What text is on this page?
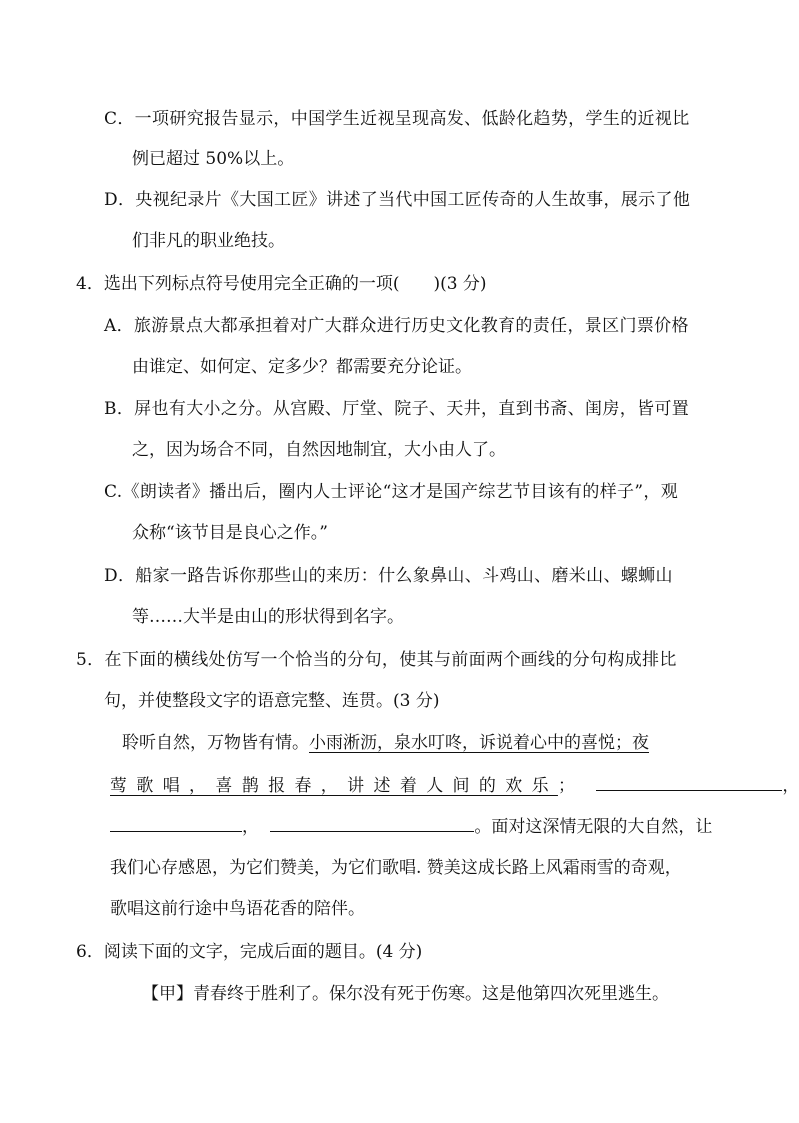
C．一项研究报告显示，中国学生近视呈现高发、低龄化趋势，学生的近视比
例已超过 50%以上。
D．央视纪录片《大国工匠》讲述了当代中国工匠传奇的人生故事，展示了他
们非凡的职业绝技。
4．选出下列标点符号使用完全正确的一项(　　)(3 分)
A．旅游景点大都承担着对广大群众进行历史文化教育的责任，景区门票价格
由谁定、如何定、定多少？都需要充分论证。
B．屏也有大小之分。从宫殿、厅堂、院子、天井，直到书斋、闺房，皆可置
之，因为场合不同，自然因地制宜，大小由人了。
C.《朗读者》播出后，圈内人士评论“这才是国产综艺节目该有的样子”，观
众称“该节目是良心之作。”
D．船家一路告诉你那些山的来历：什么象鼻山、斗鸡山、磨米山、螺蛳山
等……大半是由山的形状得到名字。
5．在下面的横线处仿写一个恰当的分句，使其与前面两个画线的分句构成排比
句，并使整段文字的语意完整、连贯。(3 分)
聆听自然，万物皆有情。小雨淅沥，泉水叮咚，诉说着心中的喜悦；夜
莺歌唱，喜鹊报春，讲述着人间的欢乐；	，
，	。面对这深情无限的大自然，让
我们心存感恩，为它们赞美，为它们歌唱. 赞美这成长路上风霜雨雪的奇观，
歌唱这前行途中鸟语花香的陪伴。
6．阅读下面的文字，完成后面的题目。(4 分)
【甲】青春终于胜利了。保尔没有死于伤寒。这是他第四次死里逃生。
